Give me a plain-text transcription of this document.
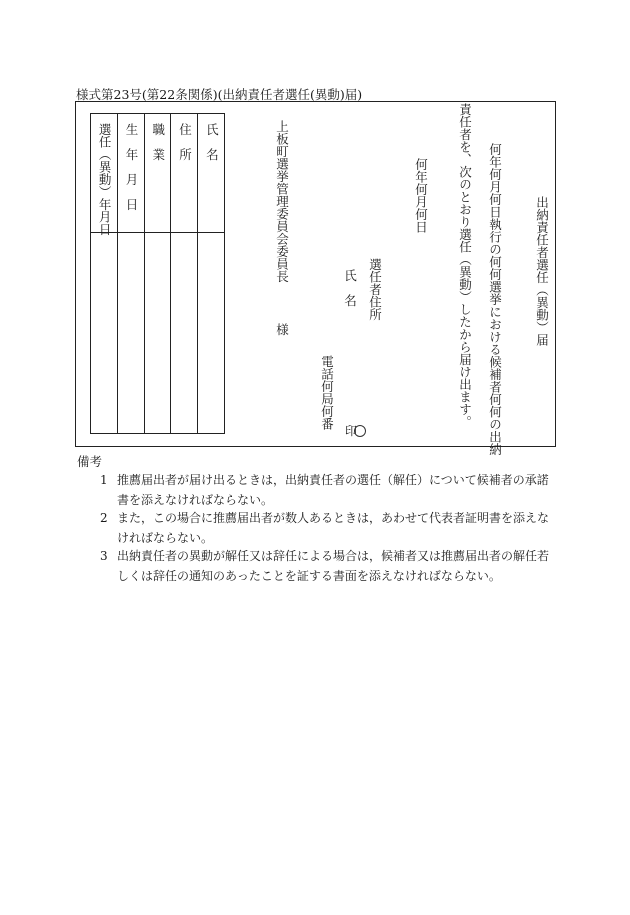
様式第23号(第22条関係)(出納責任者選任(異動)届)
選任（異動）年月日	生　年　月　日	職　業	住　所	氏　名

出納責任者選任（異動）届
何年何月何日執行の何何選挙における候補者何何の出納
責任者を、次のとおり選任（異動）したから届け出ます。
何年何月何日
選任者住所
氏　名
電話何局何番
印
上板町選挙管理委員会委員長
様
備考
1 推薦届出者が届け出るときは，出納責任者の選任（解任）について候補者の承諾書を添えなければならない。
2 また，この場合に推薦届出者が数人あるときは，あわせて代表者証明書を添えなければならない。
3 出納責任者の異動が解任又は辞任による場合は，候補者又は推薦届出者の解任若しくは辞任の通知のあったことを証する書面を添えなければならない。
